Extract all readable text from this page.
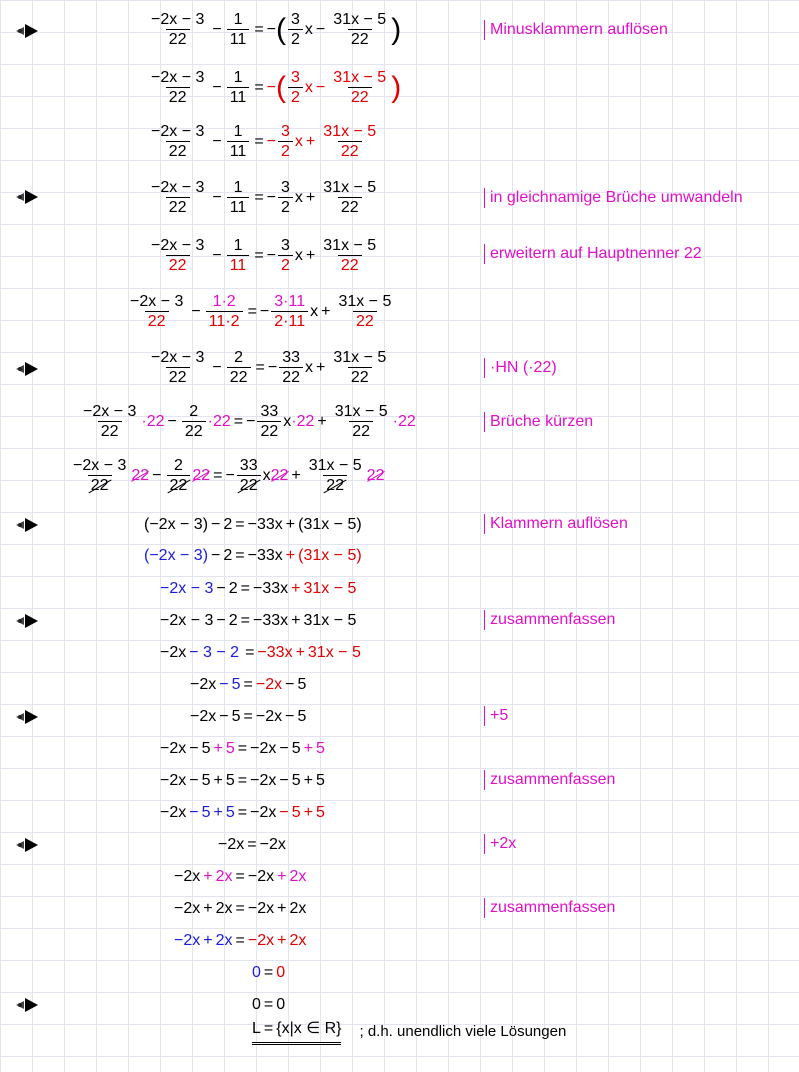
$\frac{-2x - 3}{22} - \frac{1}{11}$ = − ( $\frac{3}{2}$ $x - \frac{31x - 5}{22}$ )	Minusklammern auflösen
$\frac{-2x - 3}{22} - \frac{1}{11}$ = − ( $\frac{3}{2}$ $x - \frac{31x - 5}{22}$ )
$\frac{-2x - 3}{22} - \frac{1}{11}$ = − $\frac{3}{2}$ $x + \frac{31x - 5}{22}$
$\frac{-2x - 3}{22} - \frac{1}{11}$ = − $\frac{3}{2}$ $x + \frac{31x - 5}{22}$	in gleichnamige Brüche umwandeln
$\frac{-2x - 3}{22} - \frac{1}{11}$ = − $\frac{3}{2}$ $x + \frac{31x - 5}{22}$	erweitern auf Hauptnenner 22
$\frac{-2x - 3}{22} - \frac{1\cdot 2}{11\cdot 2}$ = − $\frac{3\cdot 11}{2\cdot 11}$ $x + \frac{31x - 5}{22}$
$\frac{-2x - 3}{22} - \frac{2}{22}$ = − $\frac{33}{22}$ $x + \frac{31x - 5}{22}$	·HN (·22)
$\frac{-2x - 3}{22} \cdot 22 - \frac{2}{22} \cdot 22$ = − $\frac{33}{22}$ $x \cdot 22 + \frac{31x - 5}{22} \cdot 22$	Brüche kürzen
$\frac{-2x - 3}{22} 22 - \frac{2}{22} 22$ = − $\frac{33}{22}$ x $22 + \frac{31x - 5}{22} 22$
(−2x − 3) − 2 = −33x + (31x − 5)	Klammern auflösen
(−2x − 3) − 2 = −33x + (31x − 5)
−2x − 3 − 2 = −33x + 31x − 5
−2x − 3 − 2 = −33x + 31x − 5	zusammenfassen
−2x − 3 − 2 = −33x + 31x − 5
−2x − 5 = −2x − 5
−2x − 5 = −2x − 5	+5
−2x − 5 + 5 = −2x − 5 + 5
−2x − 5 + 5 = −2x − 5 + 5	zusammenfassen
−2x − 5 + 5 = −2x − 5 + 5
−2x = −2x	+2x
−2x + 2x = −2x + 2x
−2x + 2x = −2x + 2x	zusammenfassen
−2x + 2x = −2x + 2x
0 = 0
0 = 0
L = {x|x ∈ R} ; d.h. unendlich viele Lösungen
